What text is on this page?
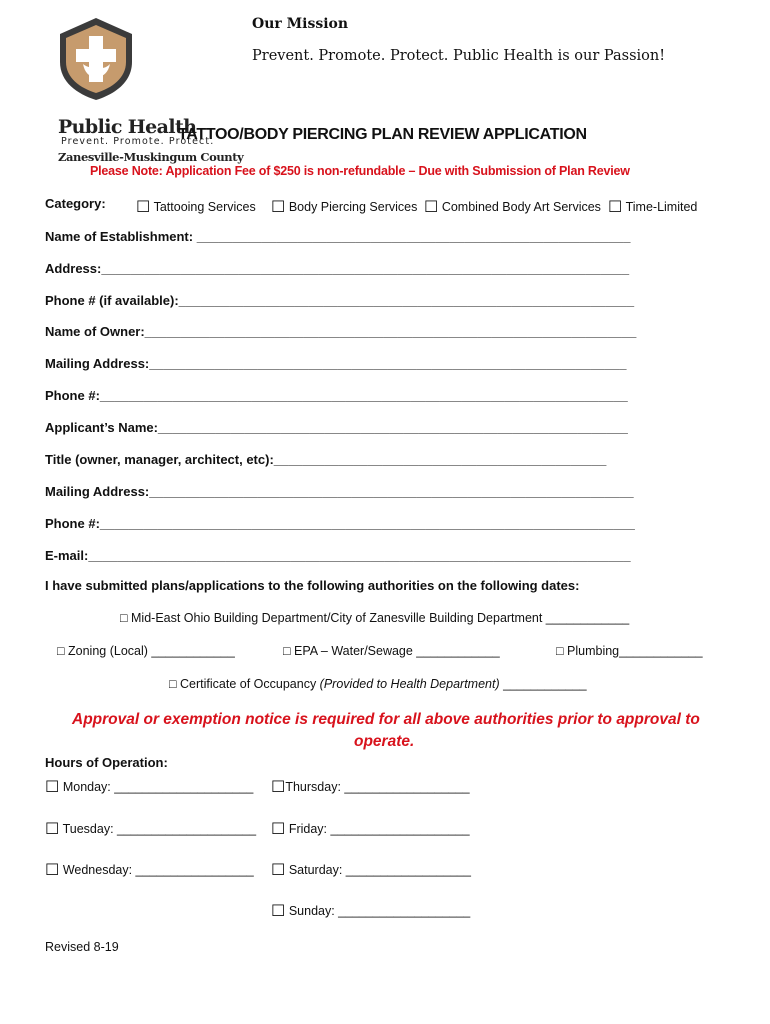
Public Health
Prevent. Promote. Protect.
Zanesville-Muskingum County
Our Mission
Prevent. Promote. Protect. Public Health is our Passion!
TATTOO/BODY PIERCING PLAN REVIEW APPLICATION
Please Note: Application Fee of $250 is non-refundable – Due with Submission of Plan Review
Category: ☐ Tattooing Services ☐ Body Piercing Services ☐ Combined Body Art Services ☐ Time-Limited
Name of Establishment: ____________________________________________________________
Address:_________________________________________________________________________
Phone # (if available):_______________________________________________________________
Name of Owner:____________________________________________________________________
Mailing Address:__________________________________________________________________
Phone #:_________________________________________________________________________
Applicant’s Name:_________________________________________________________________
Title (owner, manager, architect, etc):______________________________________________
Mailing Address:___________________________________________________________________
Phone #:__________________________________________________________________________
E-mail:___________________________________________________________________________
I have submitted plans/applications to the following authorities on the following dates:
□ Mid-East Ohio Building Department/City of Zanesville Building Department ____________
□ Zoning (Local) ____________	□ EPA – Water/Sewage ____________	□ Plumbing____________
□ Certificate of Occupancy (Provided to Health Department) ____________
Approval or exemption notice is required for all above authorities prior to approval to
operate.
Hours of Operation:
☐ Monday: ____________________ ☐Thursday: __________________
☐ Tuesday: ____________________ ☐ Friday: ____________________
☐ Wednesday: _________________ ☐ Saturday: __________________
☐ Sunday: ___________________
Revised 8-19
